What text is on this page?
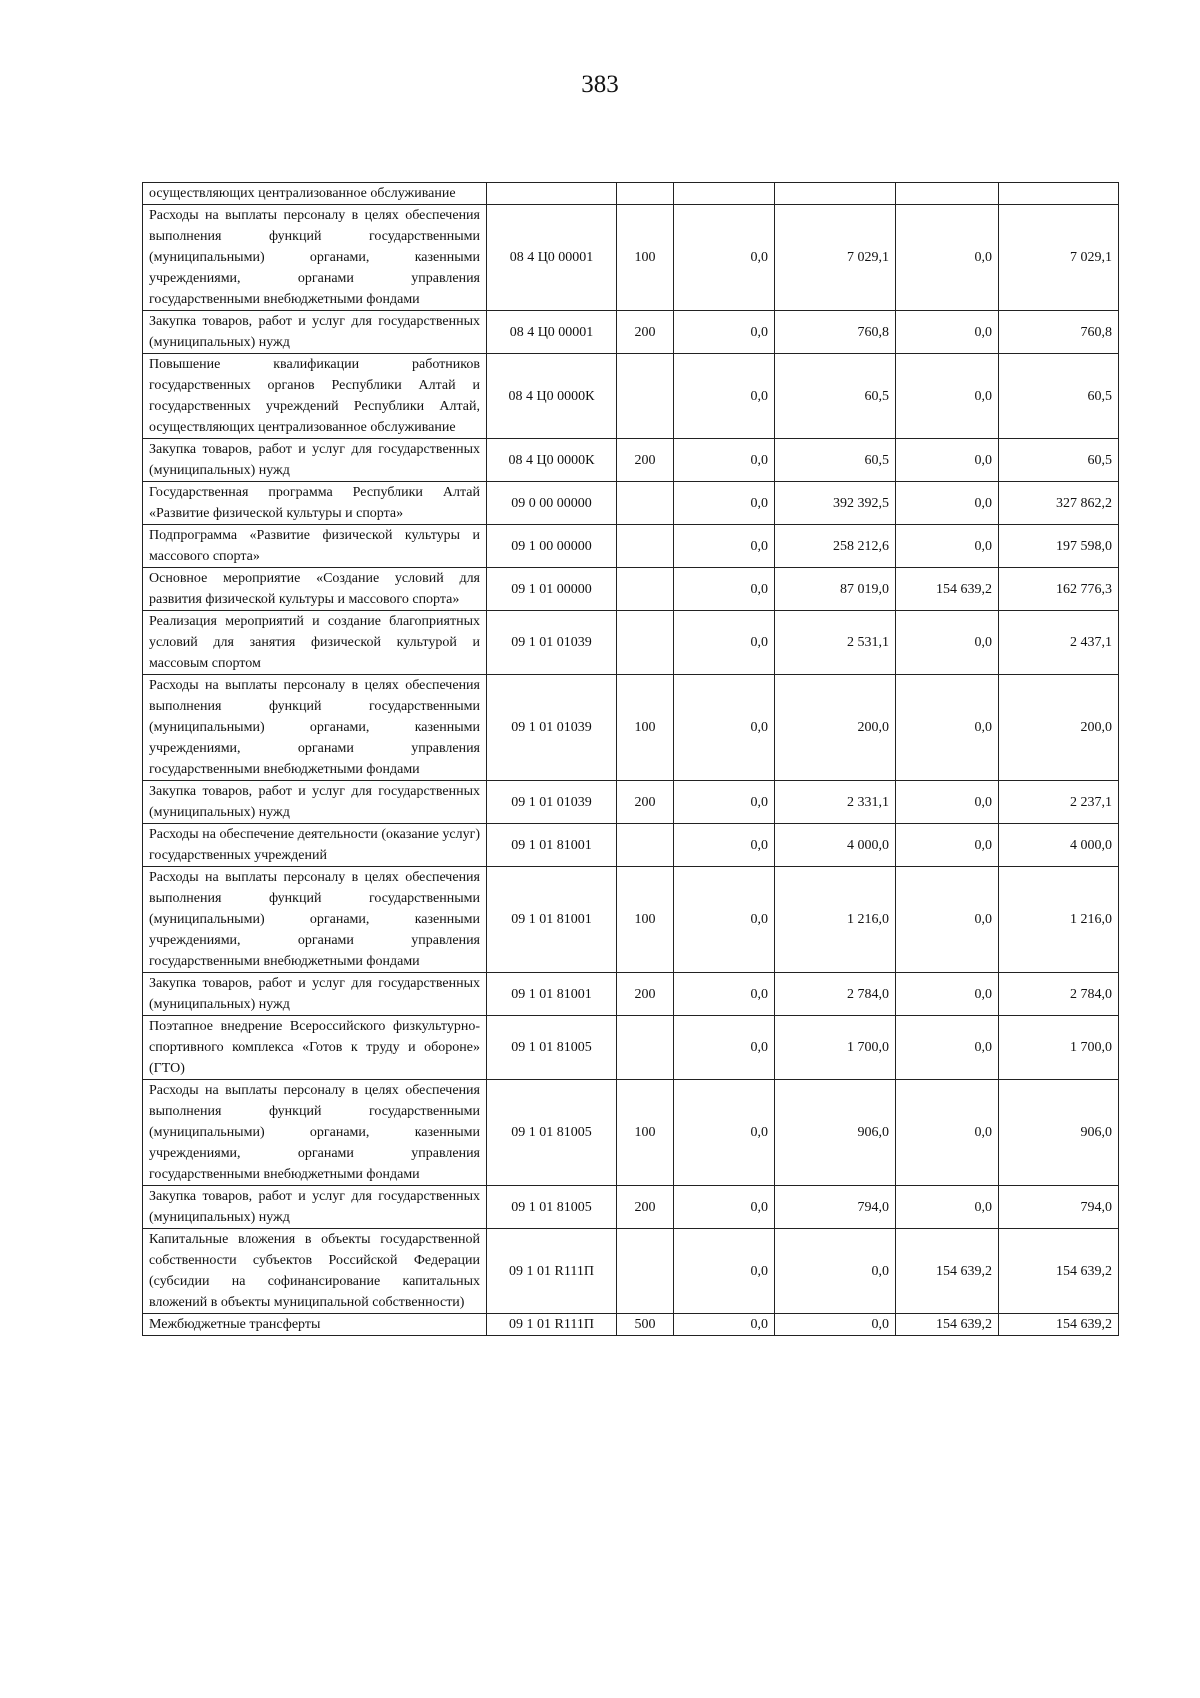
383
осуществляющих централизованное обслуживание						
Расходы на выплаты персоналу в целях обеспечения выполнения функций государственными (муниципальными) органами, казенными учреждениями, органами управления государственными внебюджетными фондами	08 4 Ц0 00001	100	0,0	7 029,1	0,0	7 029,1
Закупка товаров, работ и услуг для государственных (муниципальных) нужд	08 4 Ц0 00001	200	0,0	760,8	0,0	760,8
Повышение квалификации работников государственных органов Республики Алтай и государственных учреждений Республики Алтай, осуществляющих централизованное обслуживание	08 4 Ц0 0000К		0,0	60,5	0,0	60,5
Закупка товаров, работ и услуг для государственных (муниципальных) нужд	08 4 Ц0 0000К	200	0,0	60,5	0,0	60,5
Государственная программа Республики Алтай «Развитие физической культуры и спорта»	09 0 00 00000		0,0	392 392,5	0,0	327 862,2
Подпрограмма «Развитие физической культуры и массового спорта»	09 1 00 00000		0,0	258 212,6	0,0	197 598,0
Основное мероприятие «Создание условий для развития физической культуры и массового спорта»	09 1 01 00000		0,0	87 019,0	154 639,2	162 776,3
Реализация мероприятий и создание благоприятных условий для занятия физической культурой и массовым спортом	09 1 01 01039		0,0	2 531,1	0,0	2 437,1
Расходы на выплаты персоналу в целях обеспечения выполнения функций государственными (муниципальными) органами, казенными учреждениями, органами управления государственными внебюджетными фондами	09 1 01 01039	100	0,0	200,0	0,0	200,0
Закупка товаров, работ и услуг для государственных (муниципальных) нужд	09 1 01 01039	200	0,0	2 331,1	0,0	2 237,1
Расходы на обеспечение деятельности (оказание услуг) государственных учреждений	09 1 01 81001		0,0	4 000,0	0,0	4 000,0
Расходы на выплаты персоналу в целях обеспечения выполнения функций государственными (муниципальными) органами, казенными учреждениями, органами управления государственными внебюджетными фондами	09 1 01 81001	100	0,0	1 216,0	0,0	1 216,0
Закупка товаров, работ и услуг для государственных (муниципальных) нужд	09 1 01 81001	200	0,0	2 784,0	0,0	2 784,0
Поэтапное внедрение Всероссийского физкультурно-спортивного комплекса «Готов к труду и обороне» (ГТО)	09 1 01 81005		0,0	1 700,0	0,0	1 700,0
Расходы на выплаты персоналу в целях обеспечения выполнения функций государственными (муниципальными) органами, казенными учреждениями, органами управления государственными внебюджетными фондами	09 1 01 81005	100	0,0	906,0	0,0	906,0
Закупка товаров, работ и услуг для государственных (муниципальных) нужд	09 1 01 81005	200	0,0	794,0	0,0	794,0
Капитальные вложения в объекты государственной собственности субъектов Российской Федерации (субсидии на софинансирование капитальных вложений в объекты муниципальной собственности)	09 1 01 R111П		0,0	0,0	154 639,2	154 639,2
Межбюджетные трансферты	09 1 01 R111П	500	0,0	0,0	154 639,2	154 639,2
